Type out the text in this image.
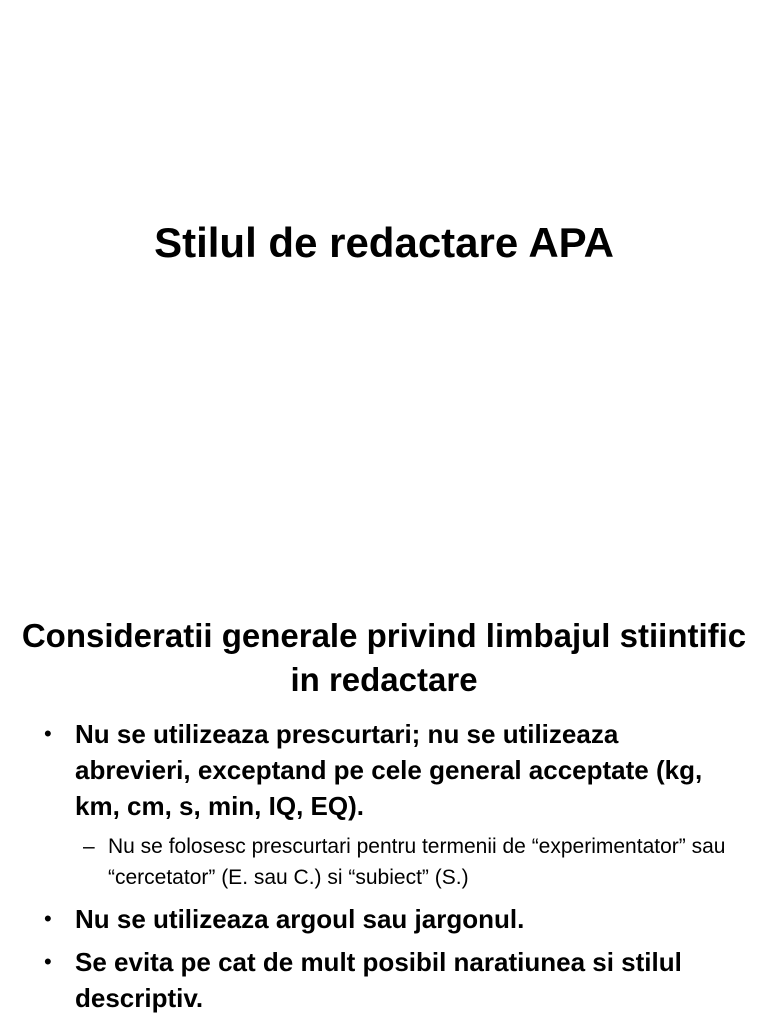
Stilul de redactare APA
Consideratii generale privind limbajul stiintific in redactare
• Nu se utilizeaza prescurtari; nu se utilizeaza abrevieri, exceptand pe cele general acceptate (kg, km, cm, s, min, IQ, EQ).
– Nu se folosesc prescurtari pentru termenii de “experimentator” sau “cercetator” (E. sau C.) si “subiect” (S.)
• Nu se utilizeaza argoul sau jargonul.
• Se evita pe cat de mult posibil naratiunea si stilul descriptiv.
